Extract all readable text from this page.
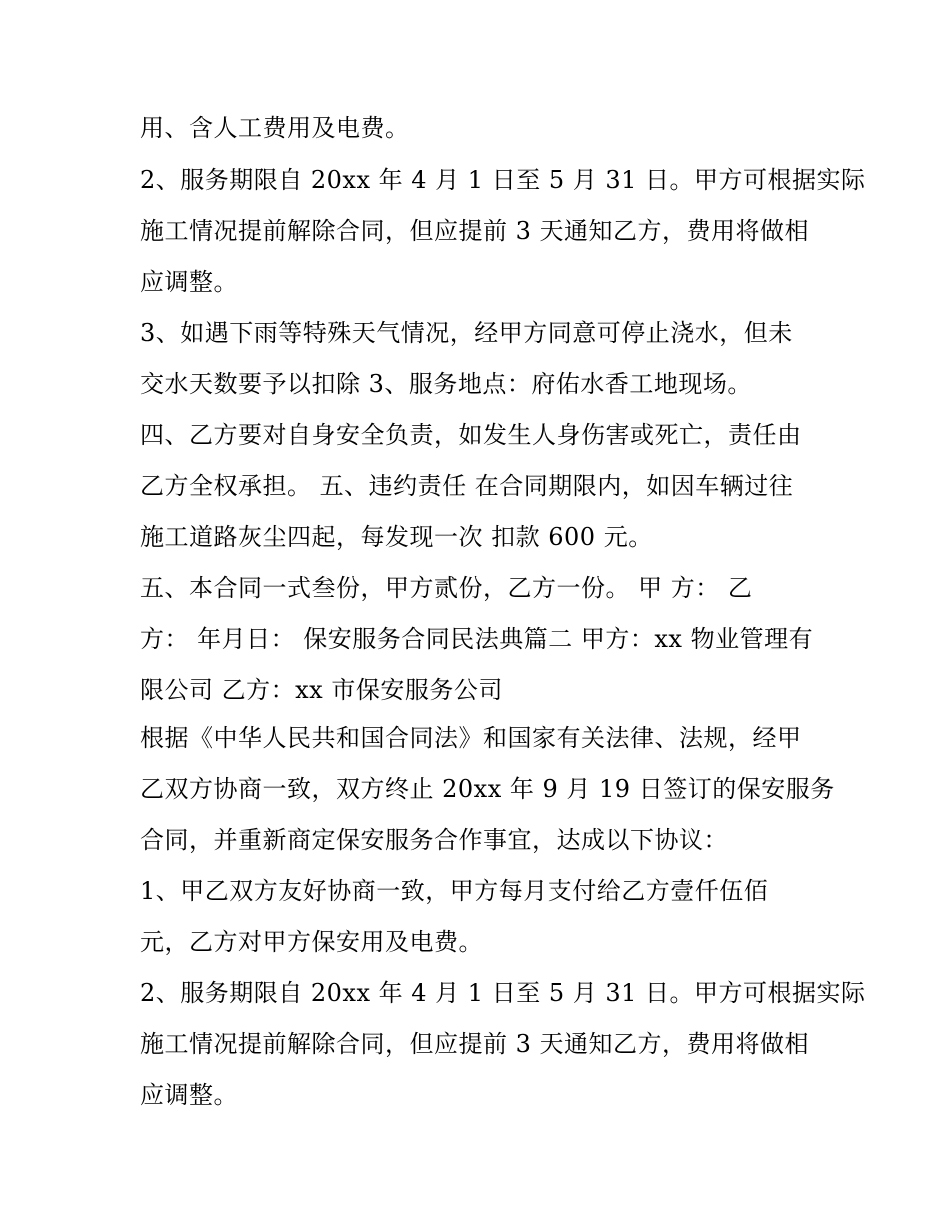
用、含人工费用及电费。
2、服务期限自 20xx 年 4 月 1 日至 5 月 31 日。甲方可根据实际
施工情况提前解除合同，但应提前 3 天通知乙方，费用将做相
应调整。
3、如遇下雨等特殊天气情况，经甲方同意可停止浇水，但未
交水天数要予以扣除 3、服务地点：府佑水香工地现场。
四、乙方要对自身安全负责，如发生人身伤害或死亡，责任由
乙方全权承担。 五、违约责任 在合同期限内，如因车辆过往
施工道路灰尘四起，每发现一次 扣款 600 元。
五、本合同一式叁份，甲方贰份，乙方一份。 甲 方： 乙
方： 年月日： 保安服务合同民法典篇二 甲方：xx 物业管理有
限公司 乙方：xx 市保安服务公司
根据《中华人民共和国合同法》和国家有关法律、法规，经甲
乙双方协商一致，双方终止 20xx 年 9 月 19 日签订的保安服务
合同，并重新商定保安服务合作事宜，达成以下协议：
1、甲乙双方友好协商一致，甲方每月支付给乙方壹仟伍佰
元，乙方对甲方保安用及电费。
2、服务期限自 20xx 年 4 月 1 日至 5 月 31 日。甲方可根据实际
施工情况提前解除合同，但应提前 3 天通知乙方，费用将做相
应调整。
